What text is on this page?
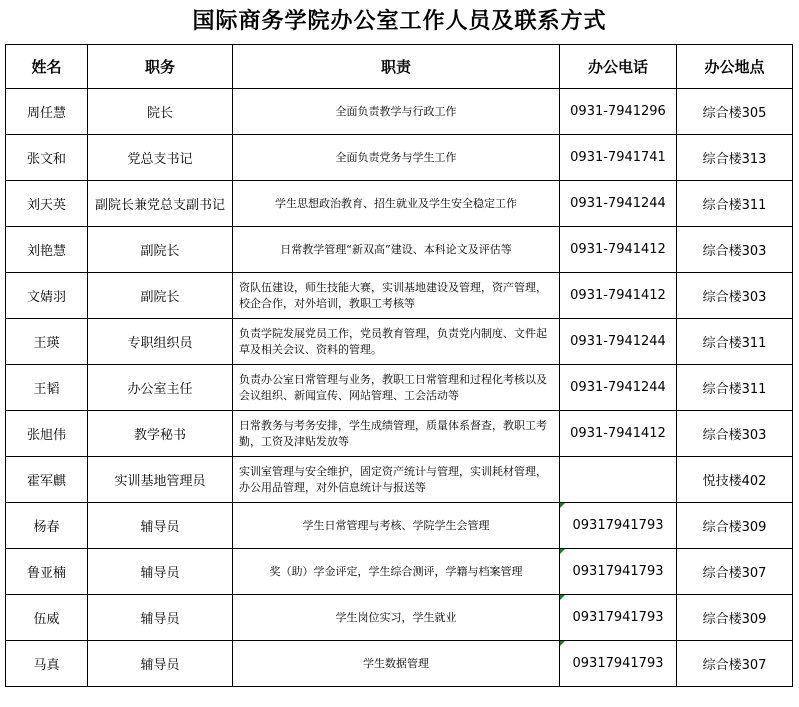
国际商务学院办公室工作人员及联系方式
姓名	职务	职责	办公电话	办公地点
周任慧	院长	全面负责教学与行政工作	0931-7941296	综合楼305
张文和	党总支书记	全面负责党务与学生工作	0931-7941741	综合楼313
刘天英	副院长兼党总支副书记	学生思想政治教育、招生就业及学生安全稳定工作	0931-7941244	综合楼311
刘艳慧	副院长	日常教学管理“新双高”建设、本科论文及评估等	0931-7941412	综合楼303
文婧羽	副院长	资队伍建设，师生技能大赛，实训基地建设及管理，资产管理，校企合作，对外培训，教职工考核等	0931-7941412	综合楼303
王瑛	专职组织员	负责学院发展党员工作，党员教育管理，负责党内制度、文件起草及相关会议、资料的管理。	0931-7941244	综合楼311
王韬	办公室主任	负责办公室日常管理与业务，教职工日常管理和过程化考核以及会议组织、新闻宣传、网站管理、工会活动等	0931-7941244	综合楼311
张旭伟	教学秘书	日常教务与考务安排，学生成绩管理，质量体系督查，教职工考勤，工资及津贴发放等	0931-7941412	综合楼303
霍军麒	实训基地管理员	实训室管理与安全维护，固定资产统计与管理，实训耗材管理，办公用品管理，对外信息统计与报送等		悦技楼402
杨春	辅导员	学生日常管理与考核、学院学生会管理	09317941793	综合楼309
鲁亚楠	辅导员	奖（助）学金评定，学生综合测评，学籍与档案管理	09317941793	综合楼307
伍威	辅导员	学生岗位实习，学生就业	09317941793	综合楼309
马真	辅导员	学生数据管理	09317941793	综合楼307
